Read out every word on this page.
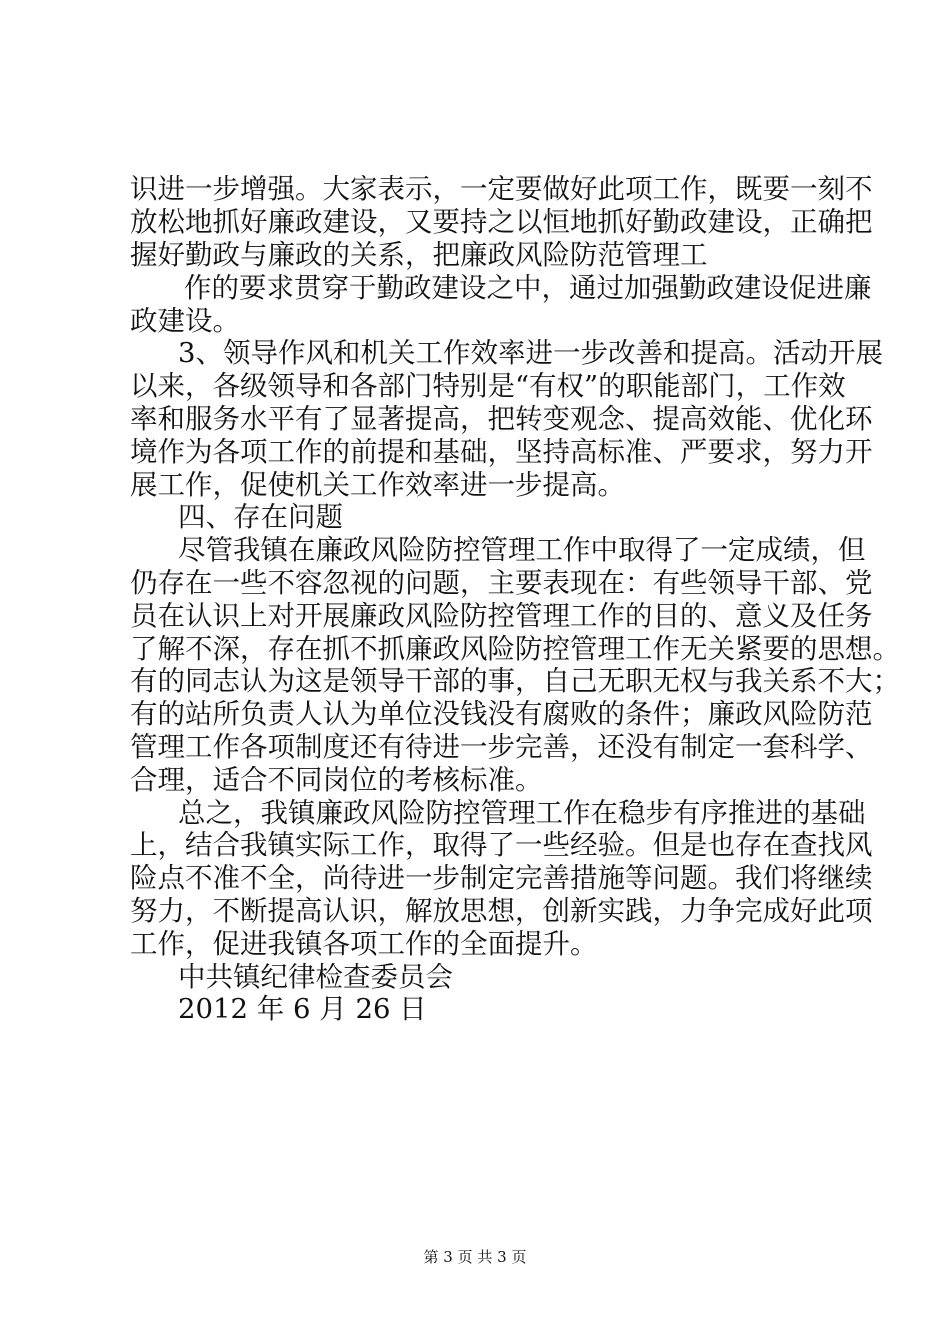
识进一步增强。大家表示，一定要做好此项工作，既要一刻不
放松地抓好廉政建设，又要持之以恒地抓好勤政建设，正确把
握好勤政与廉政的关系，把廉政风险防范管理工
作的要求贯穿于勤政建设之中，通过加强勤政建设促进廉
政建设。
3、领导作风和机关工作效率进一步改善和提高。活动开展
以来，各级领导和各部门特别是“有权”的职能部门，工作效
率和服务水平有了显著提高，把转变观念、提高效能、优化环
境作为各项工作的前提和基础，坚持高标准、严要求，努力开
展工作，促使机关工作效率进一步提高。
四、存在问题
尽管我镇在廉政风险防控管理工作中取得了一定成绩，但
仍存在一些不容忽视的问题，主要表现在：有些领导干部、党
员在认识上对开展廉政风险防控管理工作的目的、意义及任务
了解不深，存在抓不抓廉政风险防控管理工作无关紧要的思想。
有的同志认为这是领导干部的事，自己无职无权与我关系不大；
有的站所负责人认为单位没钱没有腐败的条件；廉政风险防范
管理工作各项制度还有待进一步完善，还没有制定一套科学、
合理，适合不同岗位的考核标准。
总之，我镇廉政风险防控管理工作在稳步有序推进的基础
上，结合我镇实际工作，取得了一些经验。但是也存在查找风
险点不准不全，尚待进一步制定完善措施等问题。我们将继续
努力，不断提高认识，解放思想，创新实践，力争完成好此项
工作，促进我镇各项工作的全面提升。
中共镇纪律检查委员会
2012 年 6 月 26 日
第 3 页 共 3 页
